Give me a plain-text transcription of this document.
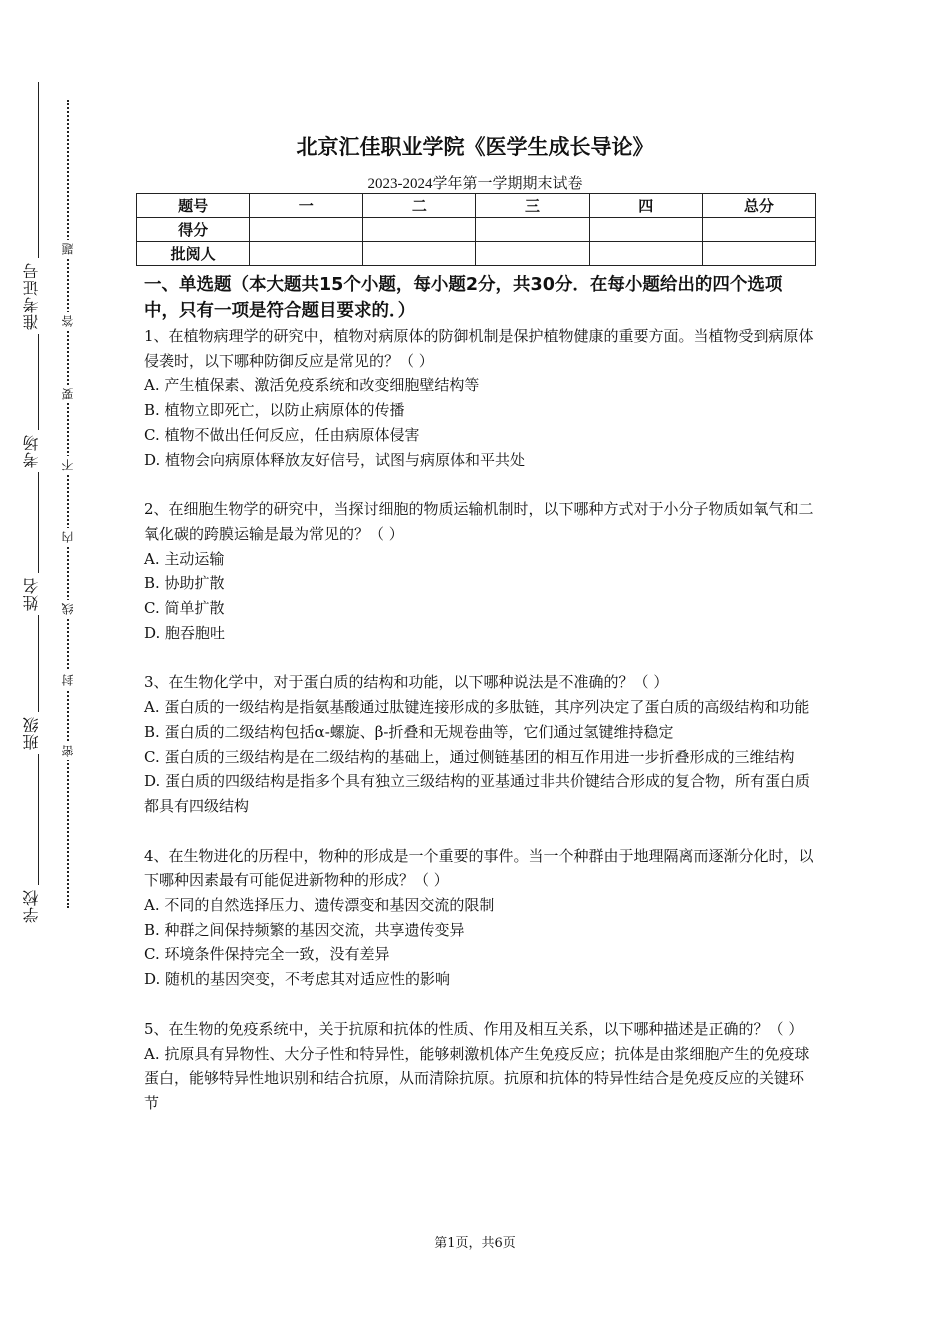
准考证号
考场
姓名
班级
学校
题
答
要
不
内
线
封
密
北京汇佳职业学院《医学生成长导论》
2023-2024学年第一学期期末试卷
题号	一	二	三	四	总分
得分					
批阅人					
一、单选题（本大题共15个小题，每小题2分，共30分．在每小题给出的四个选项中，只有一项是符合题目要求的．）

1、在植物病理学的研究中，植物对病原体的防御机制是保护植物健康的重要方面。当植物受到病原体侵袭时，以下哪种防御反应是常见的？（ ）

A. 产生植保素、激活免疫系统和改变细胞壁结构等

B. 植物立即死亡，以防止病原体的传播

C. 植物不做出任何反应，任由病原体侵害

D. 植物会向病原体释放友好信号，试图与病原体和平共处

2、在细胞生物学的研究中，当探讨细胞的物质运输机制时，以下哪种方式对于小分子物质如氧气和二氧化碳的跨膜运输是最为常见的？（ ）

A. 主动运输

B. 协助扩散

C. 简单扩散

D. 胞吞胞吐

3、在生物化学中，对于蛋白质的结构和功能，以下哪种说法是不准确的？（ ）

A. 蛋白质的一级结构是指氨基酸通过肽键连接形成的多肽链，其序列决定了蛋白质的高级结构和功能

B. 蛋白质的二级结构包括α-螺旋、β-折叠和无规卷曲等，它们通过氢键维持稳定

C. 蛋白质的三级结构是在二级结构的基础上，通过侧链基团的相互作用进一步折叠形成的三维结构

D. 蛋白质的四级结构是指多个具有独立三级结构的亚基通过非共价键结合形成的复合物，所有蛋白质都具有四级结构

4、在生物进化的历程中，物种的形成是一个重要的事件。当一个种群由于地理隔离而逐渐分化时，以下哪种因素最有可能促进新物种的形成？（ ）

A. 不同的自然选择压力、遗传漂变和基因交流的限制

B. 种群之间保持频繁的基因交流，共享遗传变异

C. 环境条件保持完全一致，没有差异

D. 随机的基因突变，不考虑其对适应性的影响

5、在生物的免疫系统中，关于抗原和抗体的性质、作用及相互关系，以下哪种描述是正确的？（ ）

A. 抗原具有异物性、大分子性和特异性，能够刺激机体产生免疫反应；抗体是由浆细胞产生的免疫球蛋白，能够特异性地识别和结合抗原，从而清除抗原。抗原和抗体的特异性结合是免疫反应的关键环节

第1页，共6页
